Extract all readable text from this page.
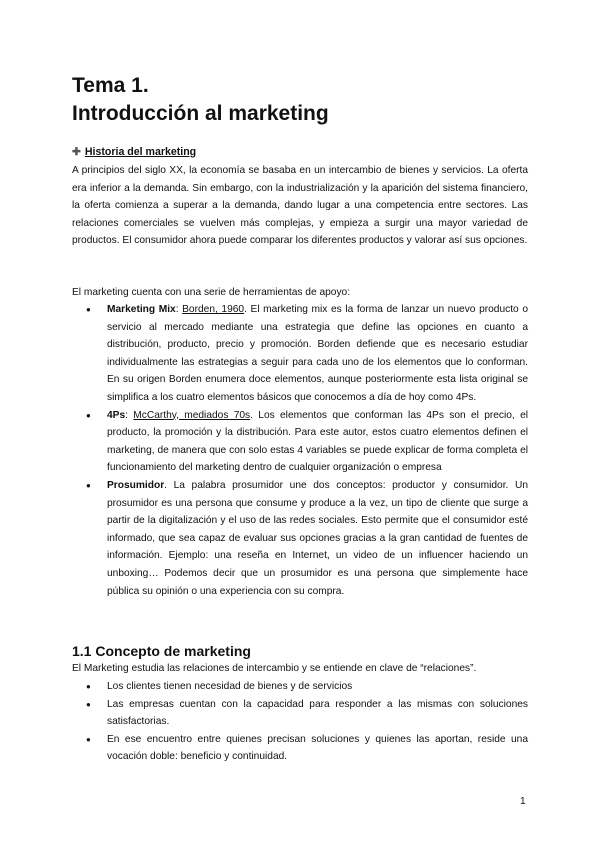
Tema 1.
Introducción al marketing
✚ Historia del marketing

A principios del siglo XX, la economía se basaba en un intercambio de bienes y servicios. La oferta era inferior a la demanda. Sin embargo, con la industrialización y la aparición del sistema financiero, la oferta comienza a superar a la demanda, dando lugar a una competencia entre sectores. Las relaciones comerciales se vuelven más complejas, y empieza a surgir una mayor variedad de productos. El consumidor ahora puede comparar los diferentes productos y valorar así sus opciones.

El marketing cuenta con una serie de herramientas de apoyo:

● Marketing Mix: Borden, 1960. El marketing mix es la forma de lanzar un nuevo producto o servicio al mercado mediante una estrategia que define las opciones en cuanto a distribución, producto, precio y promoción. Borden defiende que es necesario estudiar individualmente las estrategias a seguir para cada uno de los elementos que lo conforman. En su origen Borden enumera doce elementos, aunque posteriormente esta lista original se simplifica a los cuatro elementos básicos que conocemos a día de hoy como 4Ps.
● 4Ps: McCarthy, mediados 70s. Los elementos que conforman las 4Ps son el precio, el producto, la promoción y la distribución. Para este autor, estos cuatro elementos definen el marketing, de manera que con solo estas 4 variables se puede explicar de forma completa el funcionamiento del marketing dentro de cualquier organización o empresa
● Prosumidor. La palabra prosumidor une dos conceptos: productor y consumidor. Un prosumidor es una persona que consume y produce a la vez, un tipo de cliente que surge a partir de la digitalización y el uso de las redes sociales. Esto permite que el consumidor esté informado, que sea capaz de evaluar sus opciones gracias a la gran cantidad de fuentes de información. Ejemplo: una reseña en Internet, un video de un influencer haciendo un unboxing… Podemos decir que un prosumidor es una persona que simplemente hace pública su opinión o una experiencia con su compra.
1.1 Concepto de marketing

El Marketing estudia las relaciones de intercambio y se entiende en clave de “relaciones”.

● Los clientes tienen necesidad de bienes y de servicios
● Las empresas cuentan con la capacidad para responder a las mismas con soluciones satisfactorias.
● En ese encuentro entre quienes precisan soluciones y quienes las aportan, reside una vocación doble: beneficio y continuidad.
1
